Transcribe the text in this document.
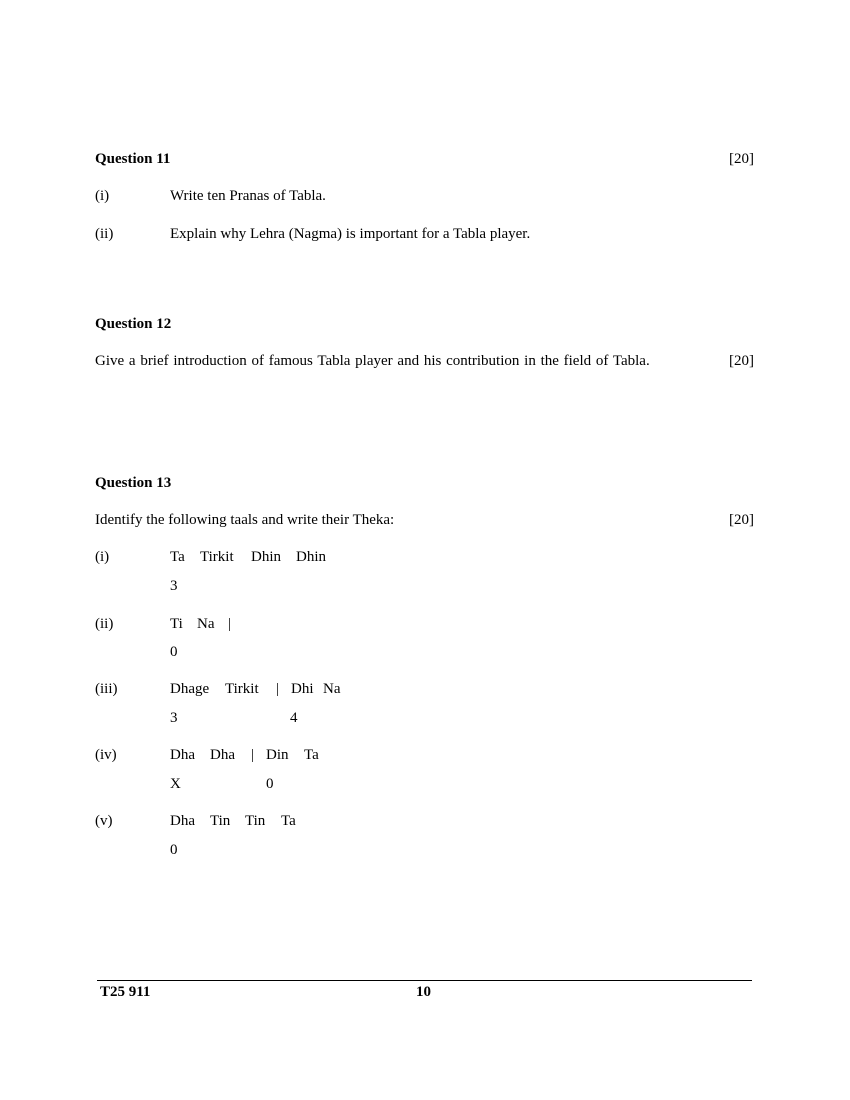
Question 11	[20]
(i)	Write ten Pranas of Tabla.
(ii)	Explain why Lehra (Nagma) is important for a Tabla player.
Question 12
[20]
Give a brief introduction of famous Tabla player and his contribution in the field of Tabla.
Question 13
Identify the following taals and write their Theka:	[20]
(i)	Ta Tirkit Dhin Dhin
3
(ii)	Ti Na |
0
(iii)	Dhage Tirkit | Dhi Na
3	4
(iv)	Dha Dha | Din Ta
X	0
(v)	Dha Tin Tin Ta
0
T25 911	10
